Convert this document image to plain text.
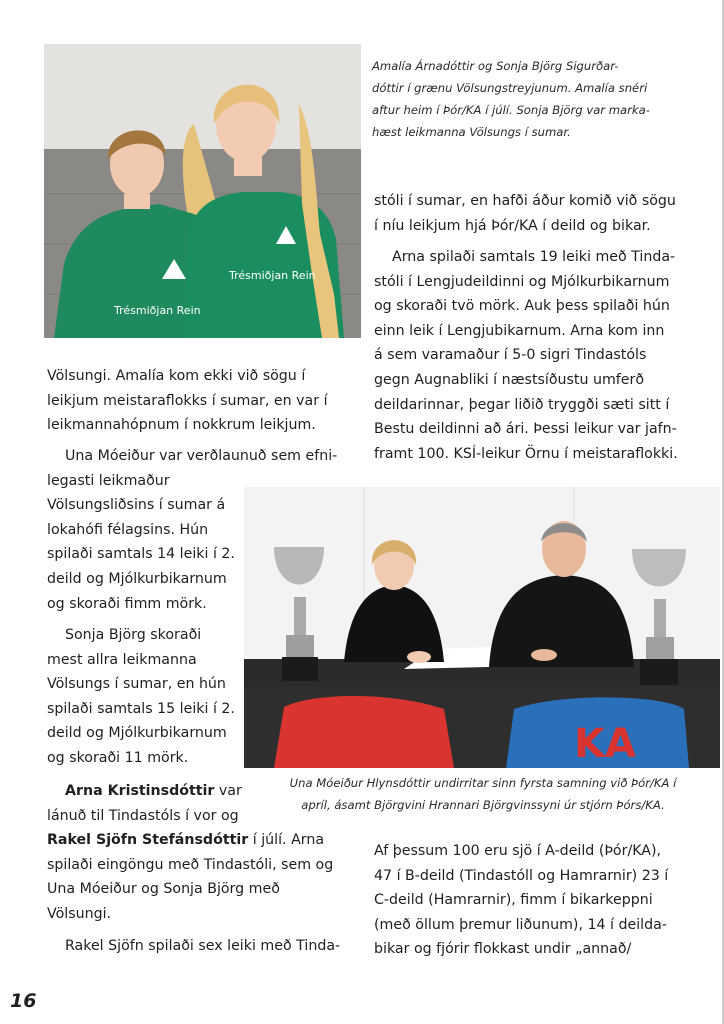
Trésmiðjan Rein
Trésmiðjan Rein
Amalía Árnadóttir og Sonja Björg Sigurðar-
dóttir í grænu Völsungstreyjunum. Amalía snéri
aftur heim í Þór/KA í júlí. Sonja Björg var marka-
hæst leikmanna Völsungs í sumar.
stóli í sumar, en hafði áður komið við sögu
í níu leikjum hjá Þór/KA í deild og bikar.
Arna spilaði samtals 19 leiki með Tinda-
stóli í Lengjudeildinni og Mjólkurbikarnum
og skoraði tvö mörk. Auk þess spilaði hún
einn leik í Lengjubikarnum. Arna kom inn
á sem varamaður í 5-0 sigri Tindastóls
gegn Augnabliki í næstsíðustu umferð
deildarinnar, þegar liðið tryggði sæti sitt í
Bestu deildinni að ári. Þessi leikur var jafn-
framt 100. KSÍ-leikur Örnu í meistaraflokki.
Völsungi. Amalía kom ekki við sögu í
leikjum meistaraflokks í sumar, en var í
leikmannahópnum í nokkrum leikjum.
Una Móeiður var verðlaunuð sem efni-
legasti leikmaður
Völsungsliðsins í sumar á
lokahófi félagsins. Hún
spilaði samtals 14 leiki í 2.
deild og Mjólkurbikarnum
og skoraði fimm mörk.
Sonja Björg skoraði
mest allra leikmanna
Völsungs í sumar, en hún
spilaði samtals 15 leiki í 2.
deild og Mjólkurbikarnum
og skoraði 11 mörk.
Arna Kristinsdóttir var
lánuð til Tindastóls í vor og
Rakel Sjöfn Stefánsdóttir í júlí. Arna
spilaði eingöngu með Tindastóli, sem og
Una Móeiður og Sonja Björg með
Völsungi.
Rakel Sjöfn spilaði sex leiki með Tinda-
KA
Una Móeiður Hlynsdóttir undirritar sinn fyrsta samning við Þór/KA í
apríl, ásamt Björgvini Hrannari Björgvinssyni úr stjórn Þórs/KA.
Af þessum 100 eru sjö í A-deild (Þór/KA),
47 í B-deild (Tindastóll og Hamrarnir) 23 í
C-deild (Hamrarnir), fimm í bikarkeppni
(með öllum þremur liðunum), 14 í deilda-
bikar og fjórir flokkast undir „annað/
16
